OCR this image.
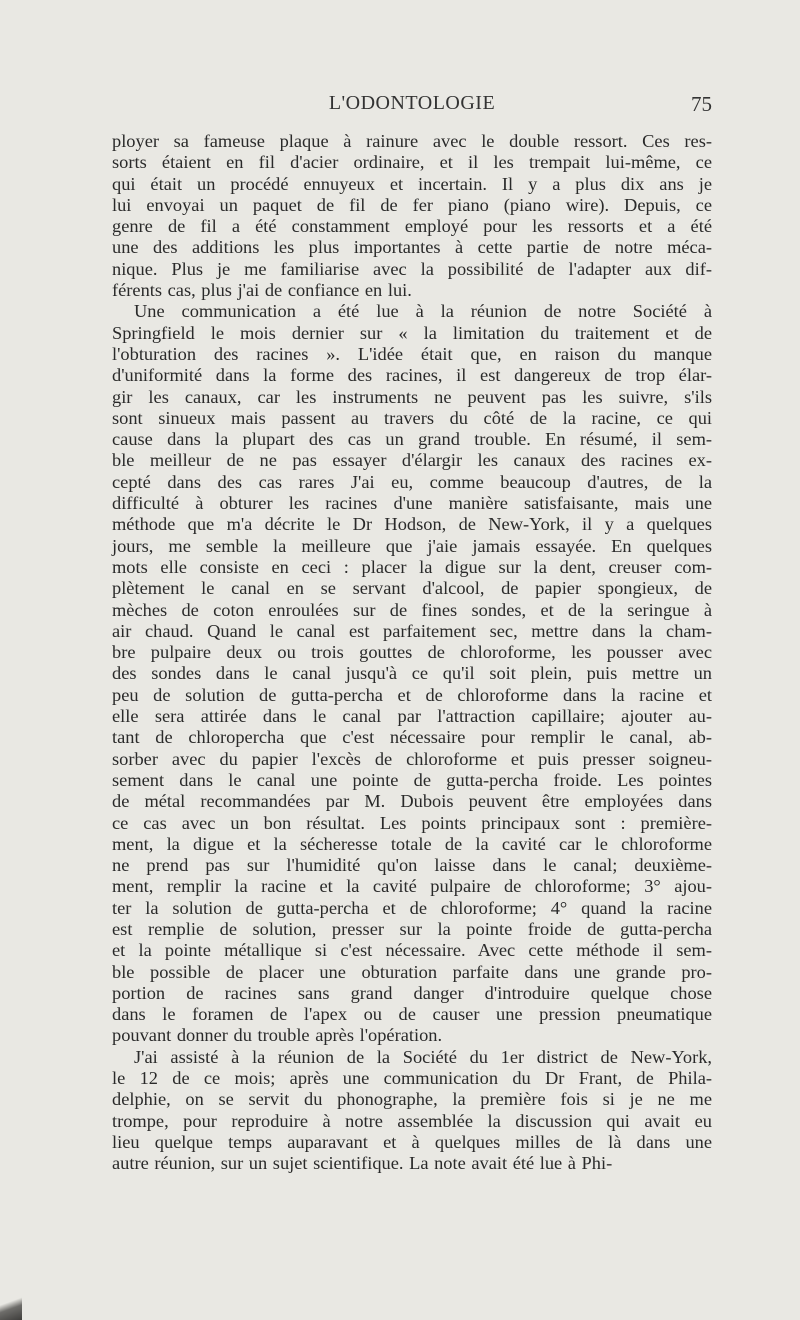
L'ODONTOLOGIE	75
ployer sa fameuse plaque à rainure avec le double ressort. Ces res-
sorts étaient en fil d'acier ordinaire, et il les trempait lui-même, ce
qui était un procédé ennuyeux et incertain. Il y a plus dix ans je
lui envoyai un paquet de fil de fer piano (piano wire). Depuis, ce
genre de fil a été constamment employé pour les ressorts et a été
une des additions les plus importantes à cette partie de notre méca-
nique. Plus je me familiarise avec la possibilité de l'adapter aux dif-
férents cas, plus j'ai de confiance en lui.
Une communication a été lue à la réunion de notre Société à
Springfield le mois dernier sur « la limitation du traitement et de
l'obturation des racines ». L'idée était que, en raison du manque
d'uniformité dans la forme des racines, il est dangereux de trop élar-
gir les canaux, car les instruments ne peuvent pas les suivre, s'ils
sont sinueux mais passent au travers du côté de la racine, ce qui
cause dans la plupart des cas un grand trouble. En résumé, il sem-
ble meilleur de ne pas essayer d'élargir les canaux des racines ex-
cepté dans des cas rares J'ai eu, comme beaucoup d'autres, de la
difficulté à obturer les racines d'une manière satisfaisante, mais une
méthode que m'a décrite le Dr Hodson, de New-York, il y a quelques
jours, me semble la meilleure que j'aie jamais essayée. En quelques
mots elle consiste en ceci : placer la digue sur la dent, creuser com-
plètement le canal en se servant d'alcool, de papier spongieux, de
mèches de coton enroulées sur de fines sondes, et de la seringue à
air chaud. Quand le canal est parfaitement sec, mettre dans la cham-
bre pulpaire deux ou trois gouttes de chloroforme, les pousser avec
des sondes dans le canal jusqu'à ce qu'il soit plein, puis mettre un
peu de solution de gutta-percha et de chloroforme dans la racine et
elle sera attirée dans le canal par l'attraction capillaire; ajouter au-
tant de chloropercha que c'est nécessaire pour remplir le canal, ab-
sorber avec du papier l'excès de chloroforme et puis presser soigneu-
sement dans le canal une pointe de gutta-percha froide. Les pointes
de métal recommandées par M. Dubois peuvent être employées dans
ce cas avec un bon résultat. Les points principaux sont : première-
ment, la digue et la sécheresse totale de la cavité car le chloroforme
ne prend pas sur l'humidité qu'on laisse dans le canal; deuxième-
ment, remplir la racine et la cavité pulpaire de chloroforme; 3° ajou-
ter la solution de gutta-percha et de chloroforme; 4° quand la racine
est remplie de solution, presser sur la pointe froide de gutta-percha
et la pointe métallique si c'est nécessaire. Avec cette méthode il sem-
ble possible de placer une obturation parfaite dans une grande pro-
portion de racines sans grand danger d'introduire quelque chose
dans le foramen de l'apex ou de causer une pression pneumatique
pouvant donner du trouble après l'opération.
J'ai assisté à la réunion de la Société du 1er district de New-York,
le 12 de ce mois; après une communication du Dr Frant, de Phila-
delphie, on se servit du phonographe, la première fois si je ne me
trompe, pour reproduire à notre assemblée la discussion qui avait eu
lieu quelque temps auparavant et à quelques milles de là dans une
autre réunion, sur un sujet scientifique. La note avait été lue à Phi-
